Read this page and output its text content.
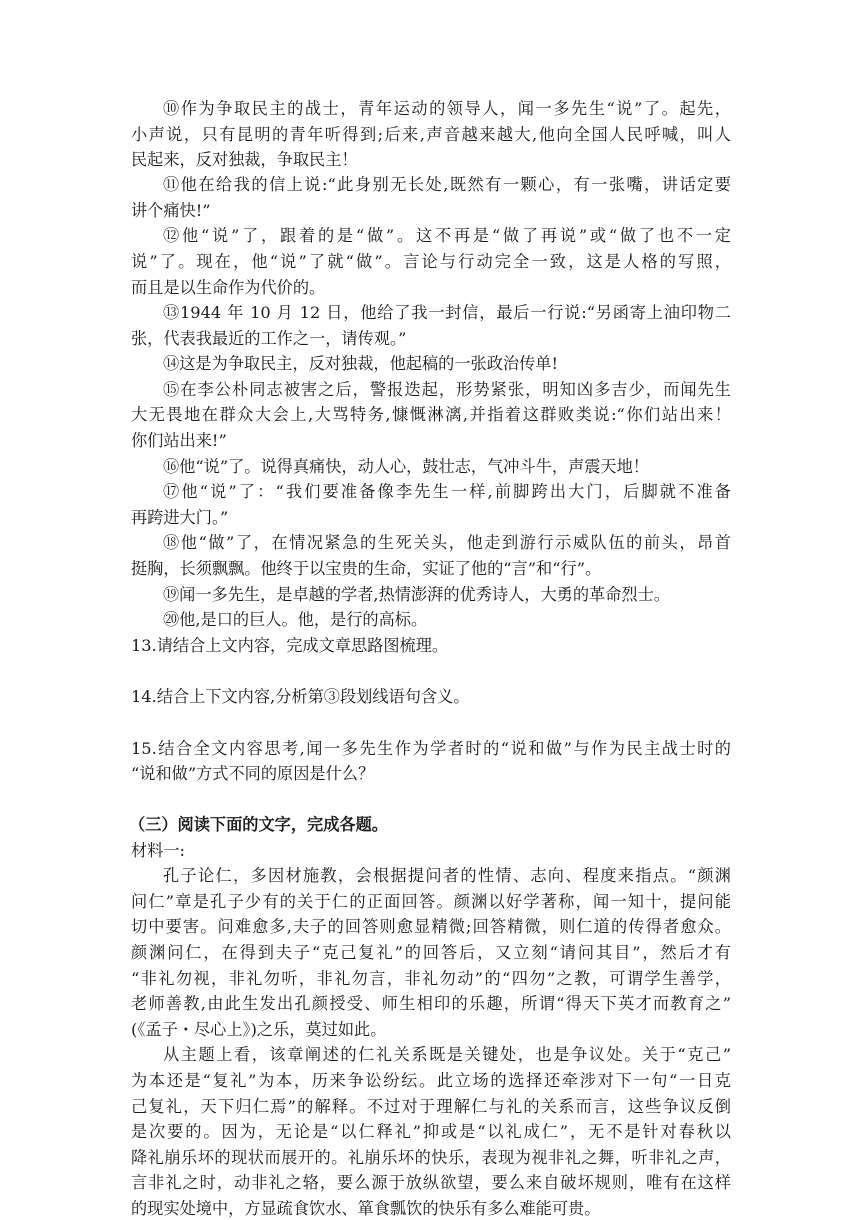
⑩作为争取民主的战士，青年运动的领导人，闻一多先生“说”了。起先，
小声说，只有昆明的青年听得到;后来,声音越来越大,他向全国人民呼喊，叫人
民起来，反对独裁，争取民主！
⑪他在给我的信上说:“此身别无长处,既然有一颗心，有一张嘴，讲话定要
讲个痛快!”
⑫他“说”了，跟着的是“做”。这不再是“做了再说”或“做了也不一定
说”了。现在，他“说”了就“做”。言论与行动完全一致，这是人格的写照，
而且是以生命作为代价的。
⑬1944 年 10 月 12 日，他给了我一封信，最后一行说:“另函寄上油印物二
张，代表我最近的工作之一，请传观。”
⑭这是为争取民主，反对独裁，他起稿的一张政治传单!
⑮在李公朴同志被害之后，警报迭起，形势紧张，明知凶多吉少，而闻先生
大无畏地在群众大会上,大骂特务,慷慨淋漓,并指着这群败类说:“你们站出来！
你们站出来!”
⑯他“说”了。说得真痛快，动人心，鼓壮志，气冲斗牛，声震天地！
⑰他“说”了：“我们要准备像李先生一样,前脚跨出大门，后脚就不准备
再跨进大门。”
⑱他“做”了，在情况紧急的生死关头，他走到游行示威队伍的前头，昂首
挺胸，长须飘飘。他终于以宝贵的生命，实证了他的“言”和“行”。
⑲闻一多先生，是卓越的学者,热情澎湃的优秀诗人，大勇的革命烈士。
⑳他,是口的巨人。他，是行的高标。
13.请结合上文内容，完成文章思路图梳理。
14.结合上下文内容,分析第③段划线语句含义。
15.结合全文内容思考,闻一多先生作为学者时的“说和做”与作为民主战士时的
“说和做”方式不同的原因是什么？
（三）阅读下面的文字，完成各题。
材料一:
孔子论仁，多因材施教，会根据提问者的性情、志向、程度来指点。“颜渊
问仁”章是孔子少有的关于仁的正面回答。颜渊以好学著称，闻一知十，提问能
切中要害。问难愈多,夫子的回答则愈显精微;回答精微，则仁道的传得者愈众。
颜渊问仁，在得到夫子“克己复礼”的回答后，又立刻“请问其目”，然后才有
“非礼勿视，非礼勿听，非礼勿言，非礼勿动”的“四勿”之教，可谓学生善学，
老师善教,由此生发出孔颜授受、师生相印的乐趣，所谓“得天下英才而教育之”
(《孟子・尽心上》)之乐，莫过如此。
从主题上看，该章阐述的仁礼关系既是关键处，也是争议处。关于“克己”
为本还是“复礼”为本，历来争讼纷纭。此立场的选择还牵涉对下一句“一日克
己复礼，天下归仁焉”的解释。不过对于理解仁与礼的关系而言，这些争议反倒
是次要的。因为，无论是“以仁释礼”抑或是“以礼成仁”，无不是针对春秋以
降礼崩乐坏的现状而展开的。礼崩乐坏的快乐，表现为视非礼之舞，听非礼之声，
言非礼之时，动非礼之辂，要么源于放纵欲望，要么来自破坏规则，唯有在这样
的现实处境中，方显疏食饮水、箪食瓢饮的快乐有多么难能可贵。
